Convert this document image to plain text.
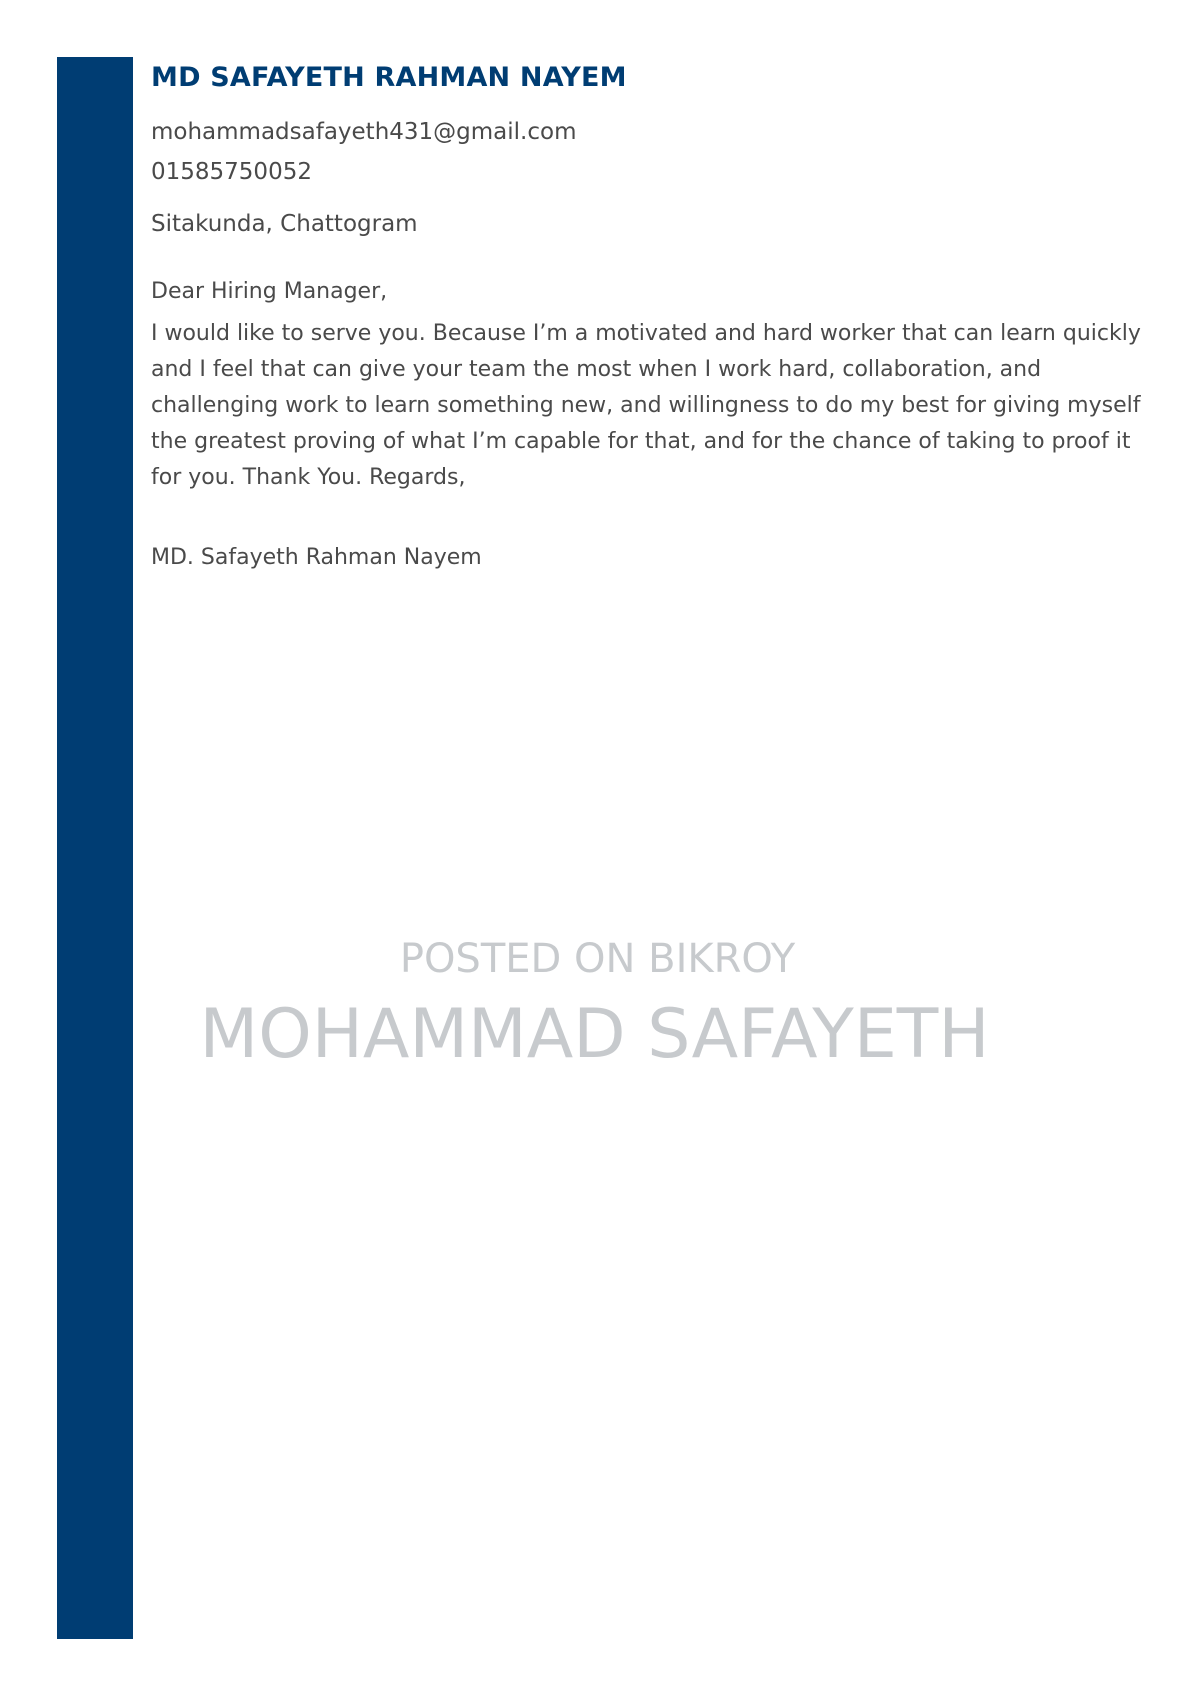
MD SAFAYETH RAHMAN NAYEM

mohammadsafayeth431@gmail.com

01585750052

Sitakunda, Chattogram

Dear Hiring Manager,

I would like to serve you. Because I’m a motivated and hard worker that can learn quickly and I feel that can give your team the most when I work hard, collaboration, and challenging work to learn something new, and willingness to do my best for giving myself the greatest proving of what I’m capable for that, and for the chance of taking to proof it for you. Thank You. Regards,

MD. Safayeth Rahman Nayem

POSTED ON BIKROY
MOHAMMAD SAFAYETH
